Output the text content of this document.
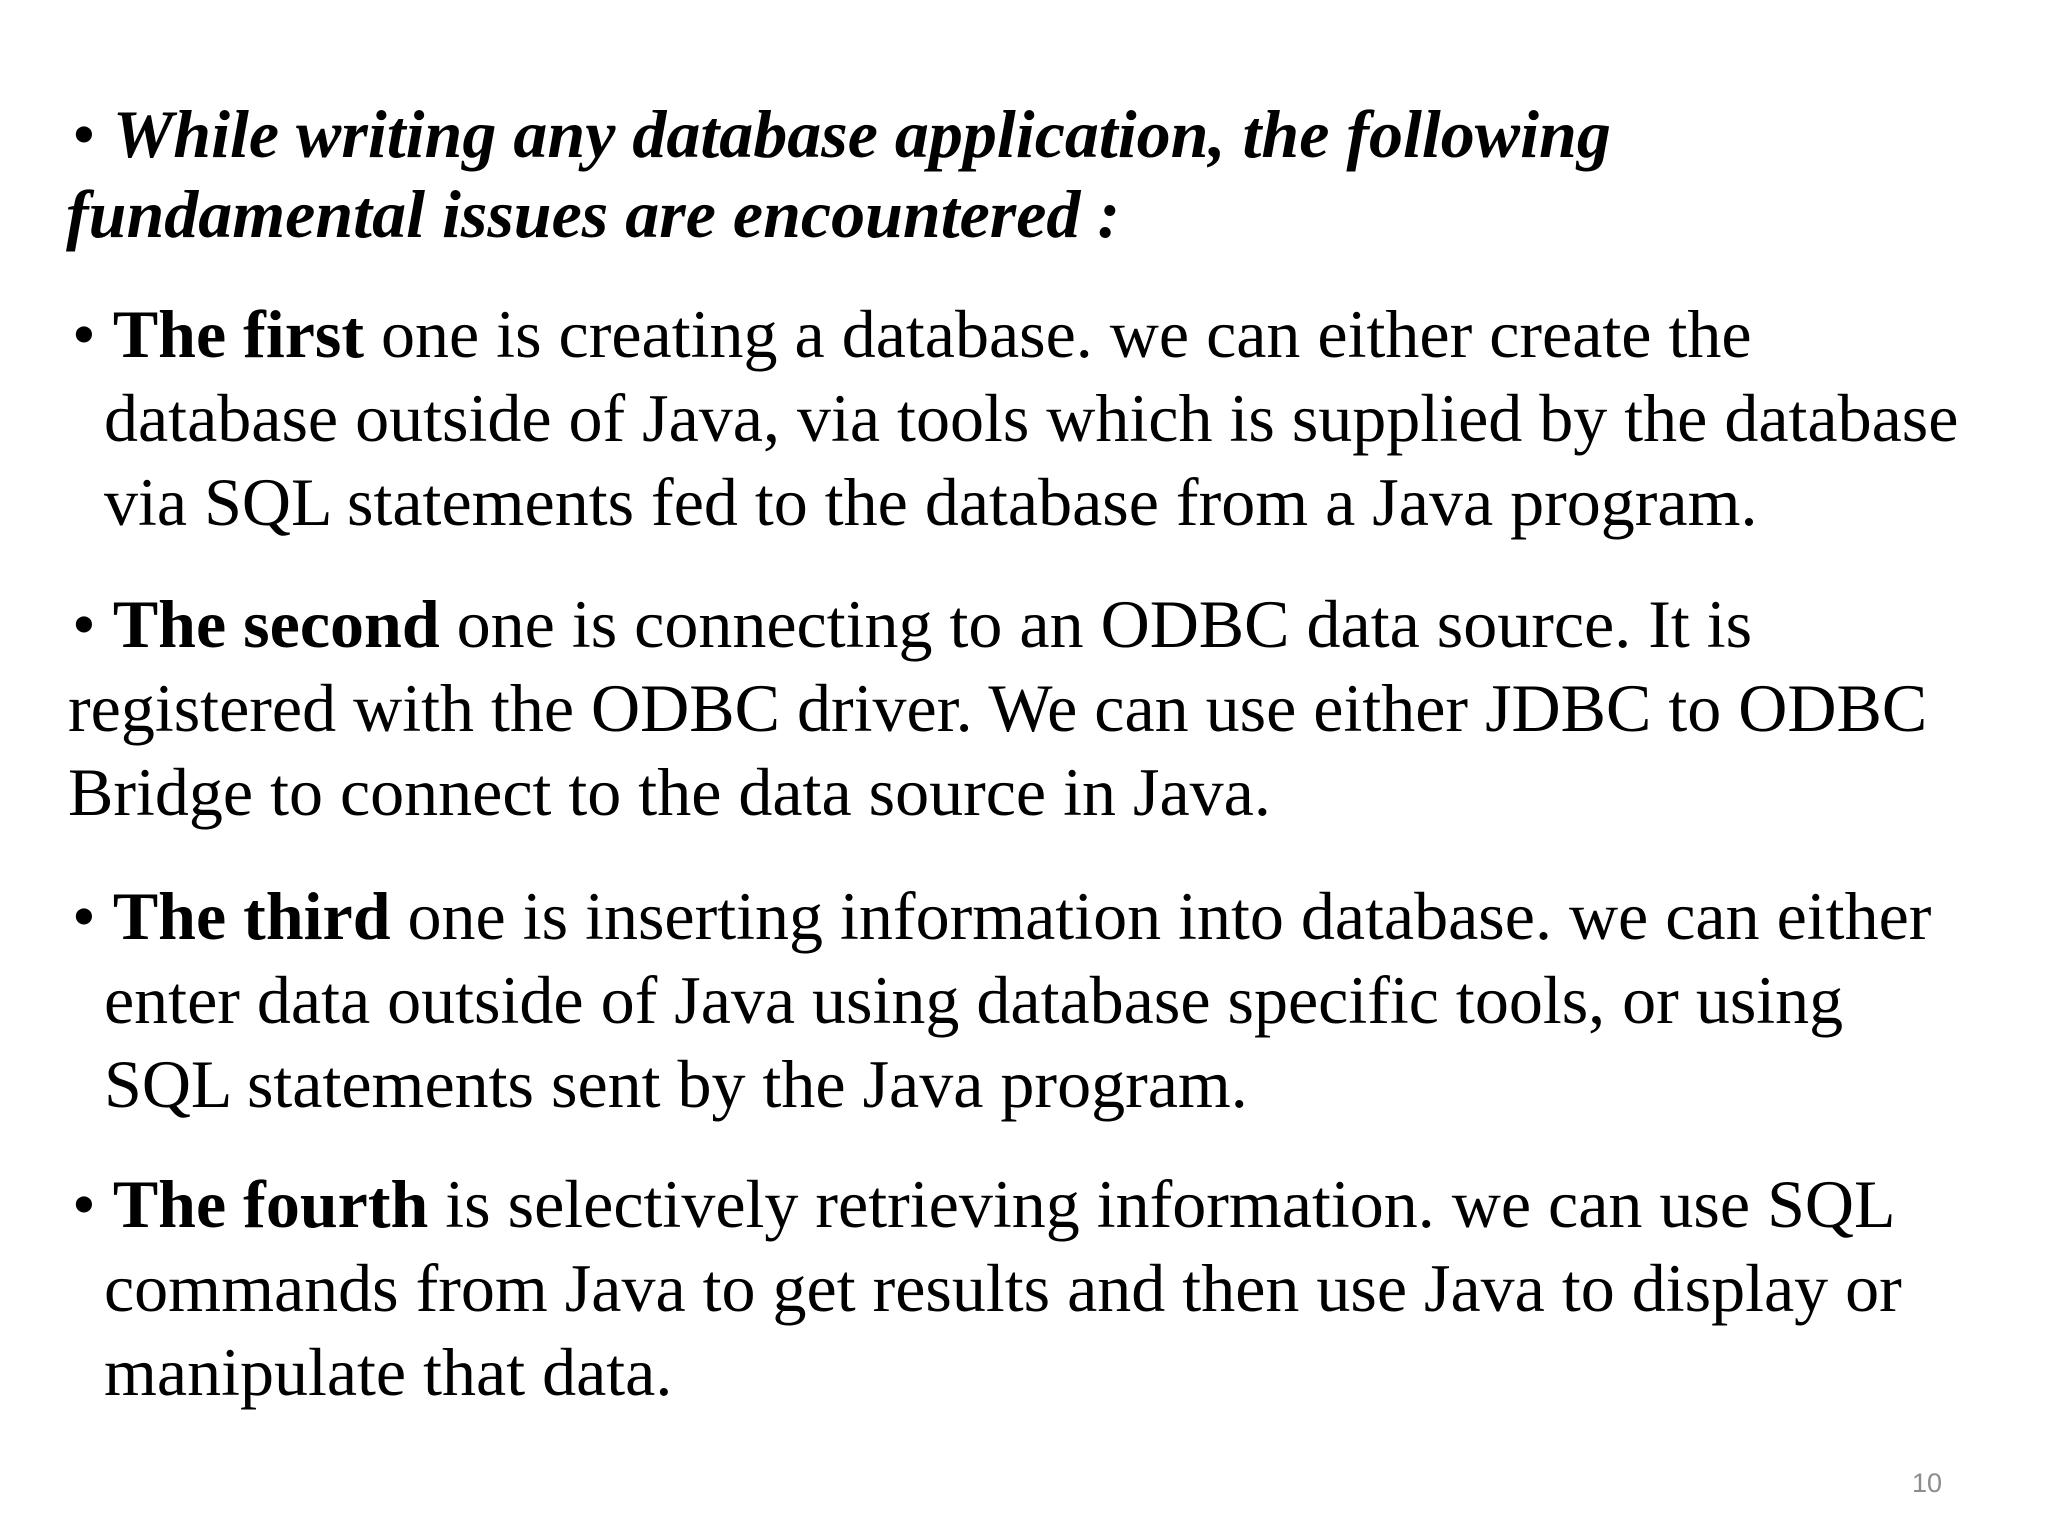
• While writing any database application, the following
fundamental issues are encountered :
• The first one is creating a database. we can either create the
database outside of Java, via tools which is supplied by the database
via SQL statements fed to the database from a Java program.
• The second one is connecting to an ODBC data source. It is
registered with the ODBC driver. We can use either JDBC to ODBC
Bridge to connect to the data source in Java.
• The third one is inserting information into database. we can either
enter data outside of Java using database specific tools, or using
SQL statements sent by the Java program.
• The fourth is selectively retrieving information. we can use SQL
commands from Java to get results and then use Java to display or
manipulate that data.
10
